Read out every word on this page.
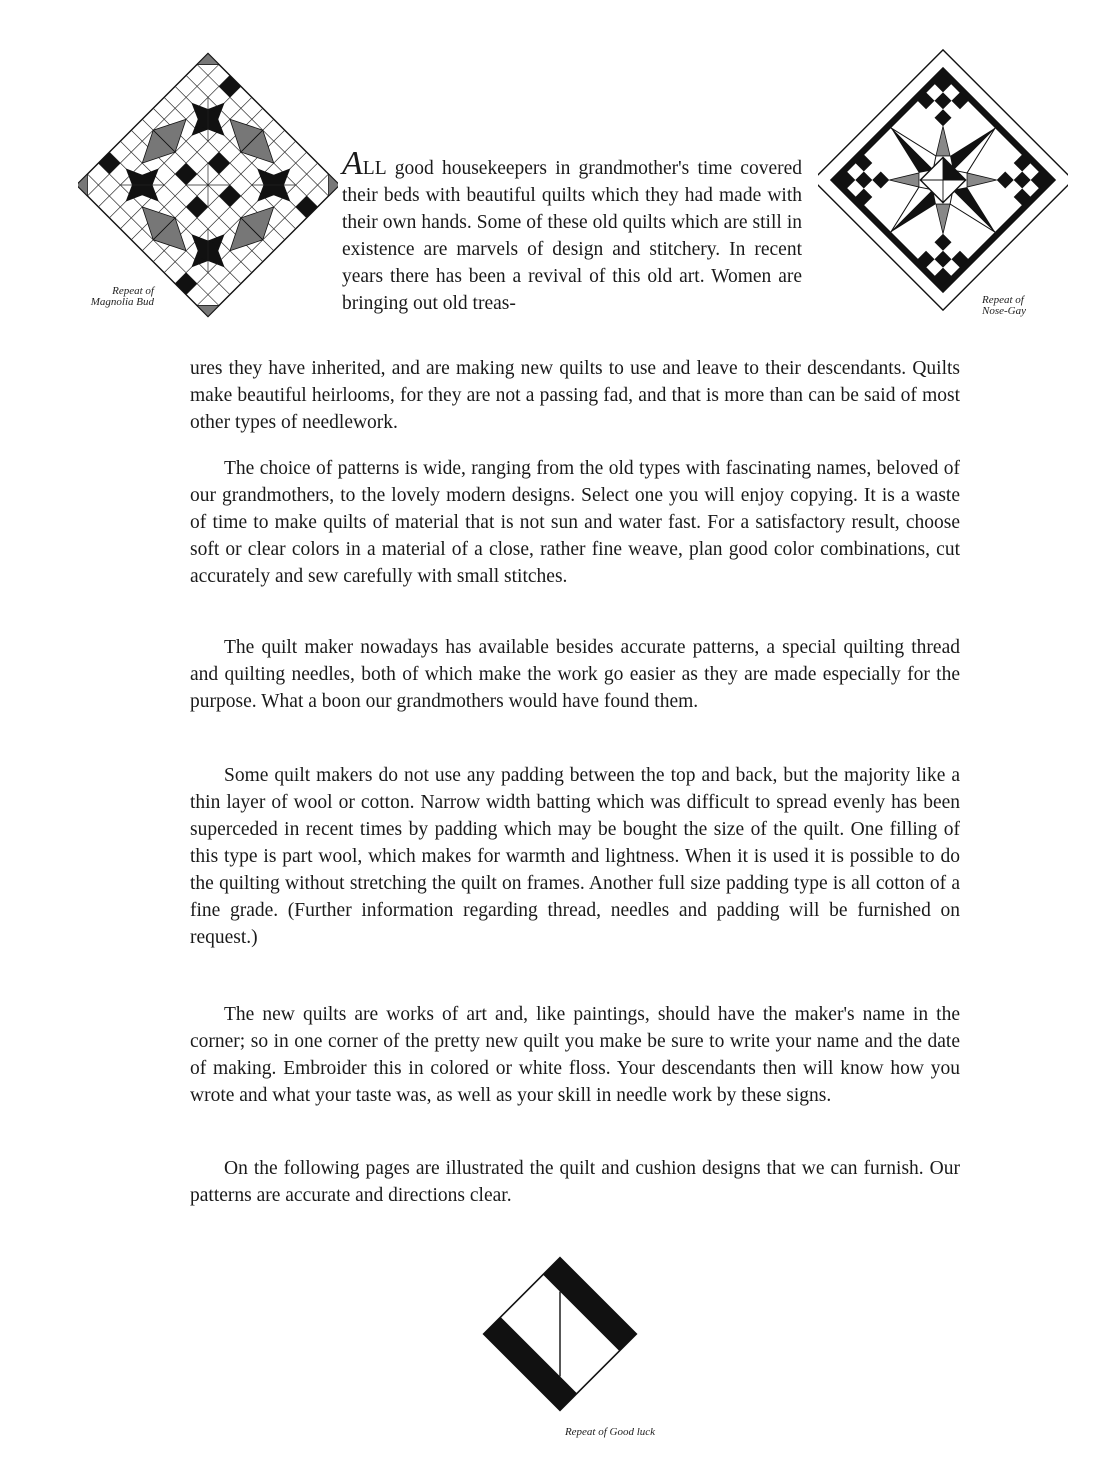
Repeat of
Magnolia Bud	Repeat of
Nose-Gay

ALL good housekeepers in grandmother's time covered their beds with beautiful quilts which they had made with their own hands. Some of these old quilts which are still in existence are marvels of design and stitchery. In recent years there has been a revival of this old art. Women are bringing out old treas-

ures they have inherited, and are making new quilts to use and leave to their descendants. Quilts make beautiful heirlooms, for they are not a passing fad, and that is more than can be said of most other types of needlework.

The choice of patterns is wide, ranging from the old types with fascinating names, beloved of our grandmothers, to the lovely modern designs. Select one you will enjoy copying. It is a waste of time to make quilts of material that is not sun and water fast. For a satisfactory result, choose soft or clear colors in a material of a close, rather fine weave, plan good color combinations, cut accurately and sew carefully with small stitches.

The quilt maker nowadays has available besides accurate patterns, a special quilting thread and quilting needles, both of which make the work go easier as they are made especially for the purpose. What a boon our grandmothers would have found them.

Some quilt makers do not use any padding between the top and back, but the majority like a thin layer of wool or cotton. Narrow width batting which was difficult to spread evenly has been superceded in recent times by padding which may be bought the size of the quilt. One filling of this type is part wool, which makes for warmth and lightness. When it is used it is possible to do the quilting without stretching the quilt on frames. Another full size padding type is all cotton of a fine grade. (Further information regarding thread, needles and padding will be furnished on request.)

The new quilts are works of art and, like paintings, should have the maker's name in the corner; so in one corner of the pretty new quilt you make be sure to write your name and the date of making. Embroider this in colored or white floss. Your descendants then will know how you wrote and what your taste was, as well as your skill in needle work by these signs.

On the following pages are illustrated the quilt and cushion designs that we can furnish. Our patterns are accurate and directions clear.

Repeat of Good luck
